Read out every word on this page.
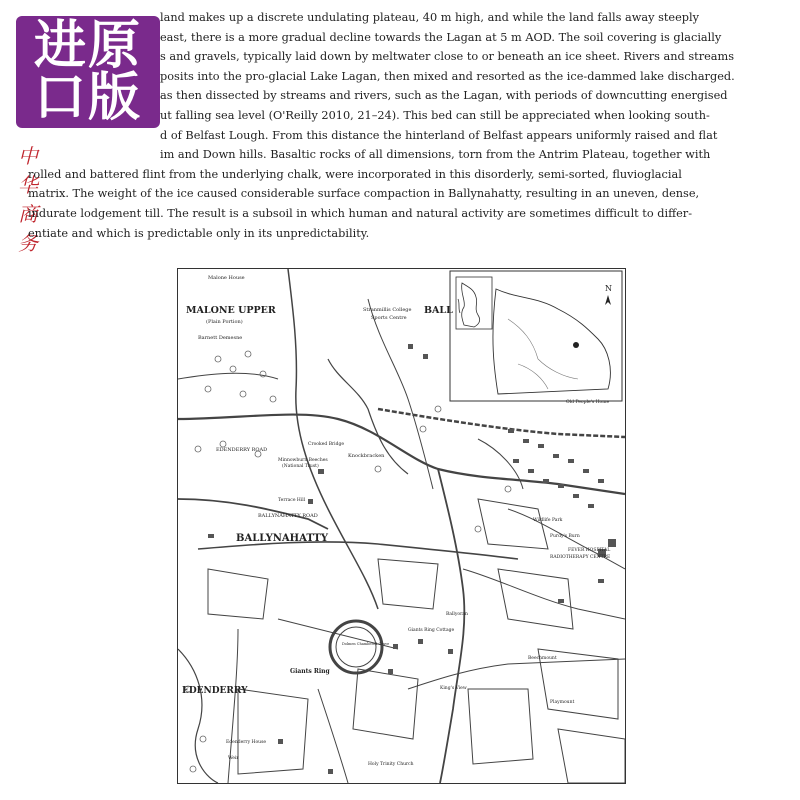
进原
口版
中华商务
land makes up a discrete undulating plateau, 40 m high, and while the land falls away steeply
east, there is a more gradual decline towards the Lagan at 5 m AOD. The soil covering is glacially
s and gravels, typically laid down by meltwater close to or beneath an ice sheet. Rivers and streams
posits into the pro-glacial Lake Lagan, then mixed and resorted as the ice-dammed lake discharged.
as then dissected by streams and rivers, such as the Lagan, with periods of downcutting energised
ut falling sea level (O'Reilly 2010, 21–24). This bed can still be appreciated when looking south-
d of Belfast Lough. From this distance the hinterland of Belfast appears uniformly raised and flat
im and Down hills. Basaltic rocks of all dimensions, torn from the Antrim Plateau, together with
rolled and battered flint from the underlying chalk, were incorporated in this disorderly, semi-sorted, fluvioglacial
matrix. The weight of the ice caused considerable surface compaction in Ballynahatty, resulting in an uneven, dense,
indurate lodgement till. The result is a subsoil in which human and natural activity are sometimes difficult to differ-
entiate and which is predictable only in its unpredictability.
N
Malone House
MALONE UPPER
(Plain Portion)
BALL
Stranmillis College
Sports Centre
Barnett Demesne
Old People's Home
Crooked Bridge
Knockbracken
Minnowburn Beeches
(National Trust)
EDENDERRY ROAD
Terrace Hill
BALLYNAHATTY ROAD
BALLYNAHATTY
Wildlife Park
Purdy's Burn
FEVER HOSPITAL
RADIOTHERAPY CENTRE
Ballyoran
Giants Ring
Dolmen Chambered Grave
Giants Ring Cottage
Beechmount
EDENDERRY
Edenderry House
King's View
Weir
Holy Trinity Church
Playmount
